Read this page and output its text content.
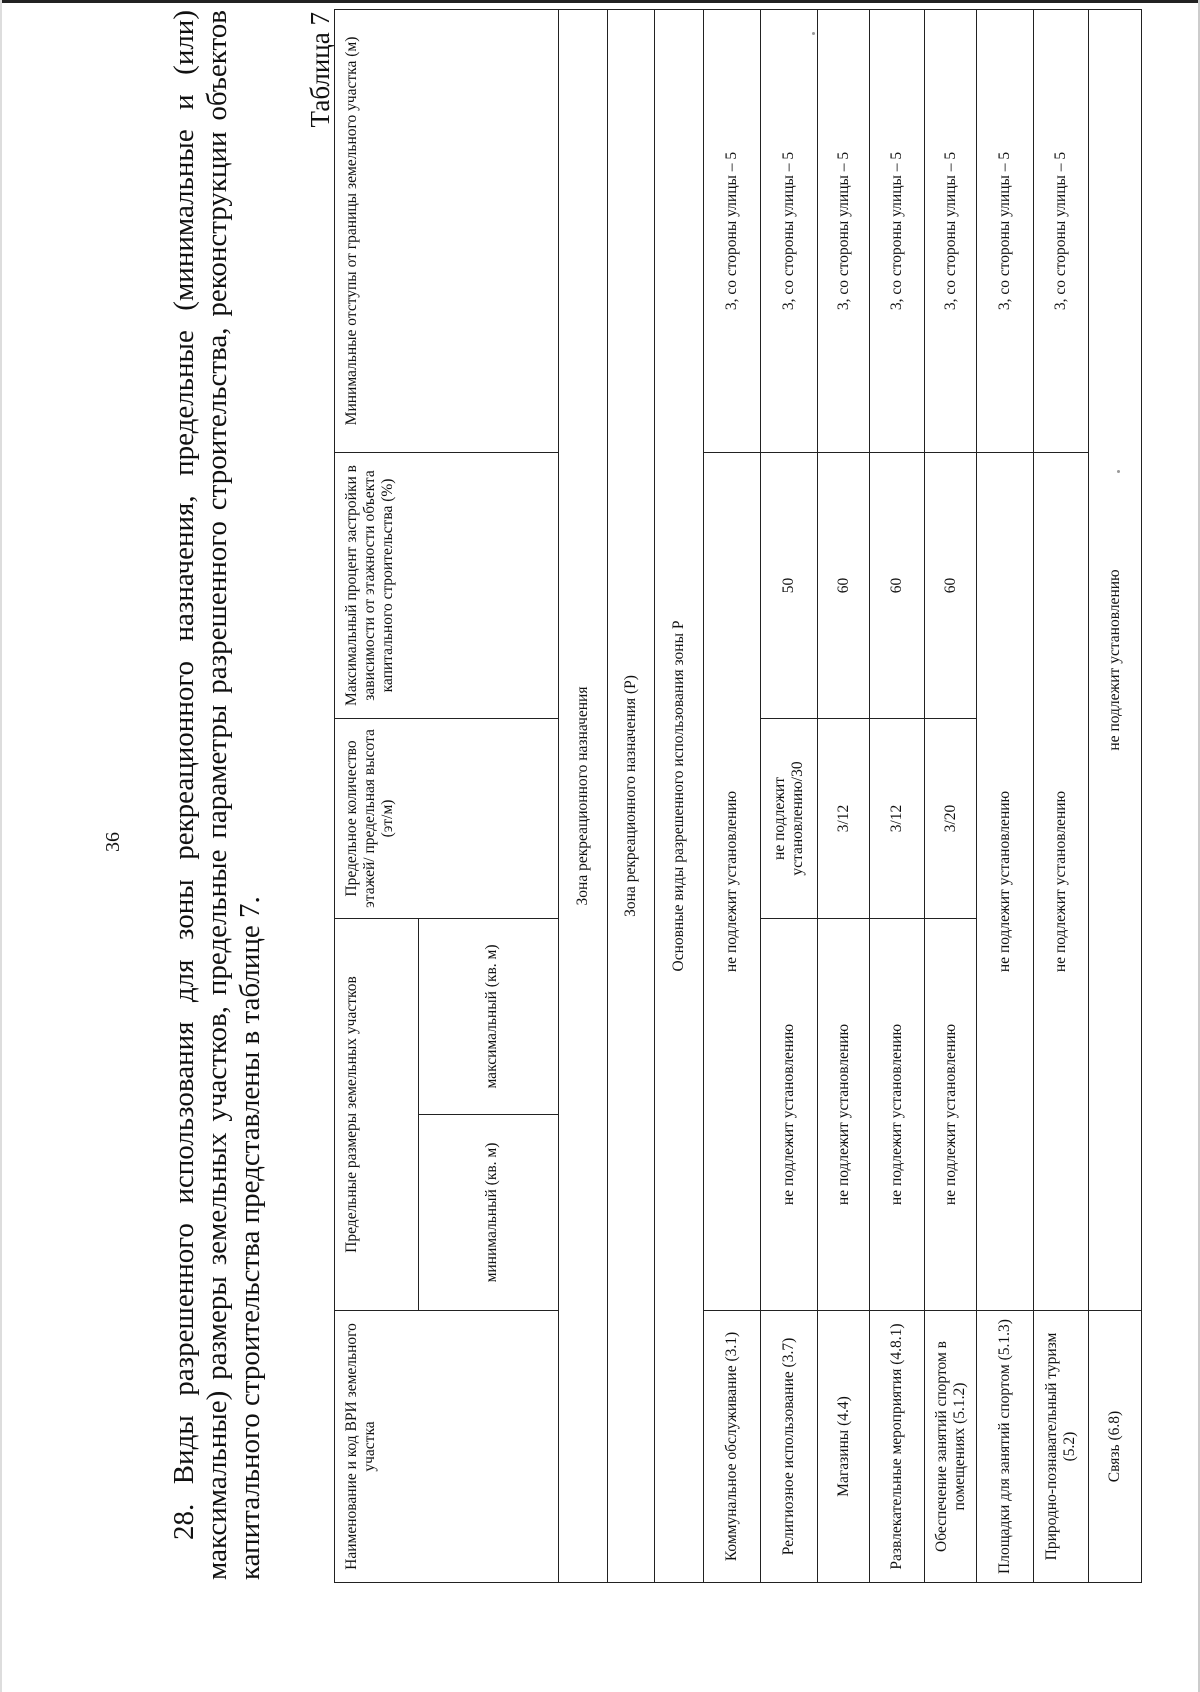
36 28. Виды разрешенного использования для зоны рекреационного назначения, предельные (минимальные и (или) максимальные) размеры земельных участков, предельные параметры разрешенного строительства, реконструкции объектов капитального строительства представлены в таблице 7.
Таблица 7
Наименование и код ВРИ земельного участка	Предельные размеры земельных участков		Предельное количество этажей/ предельная высота (эт/м)	Максимальный процент застройки в зависимости от этажности объекта капитального строительства (%)	Минимальные отступы от границы земельного участка (м)
	минимальный (кв. м)	максимальный (кв. м)			
Зона рекреационного назначения					
Зона рекреационного назначения (Р)					
Основные виды разрешенного использования зоны Р					
Коммунальное обслуживание (3.1)	не подлежит установлению				3, со стороны улицы – 5
Религиозное использование (3.7)	не подлежит установлению		не подлежит установлению/30	50	3, со стороны улицы – 5
Магазины (4.4)	не подлежит установлению		3/12	60	3, со стороны улицы – 5
Развлекательные мероприятия (4.8.1)	не подлежит установлению		3/12	60	3, со стороны улицы – 5
Обеспечение занятий спортом в помещениях (5.1.2)	не подлежит установлению		3/20	60	3, со стороны улицы – 5
Площадки для занятий спортом (5.1.3)	не подлежит установлению				3, со стороны улицы – 5
Природно-познавательный туризм (5.2)	не подлежит установлению				3, со стороны улицы – 5
Связь (6.8)	не подлежит установлению				
